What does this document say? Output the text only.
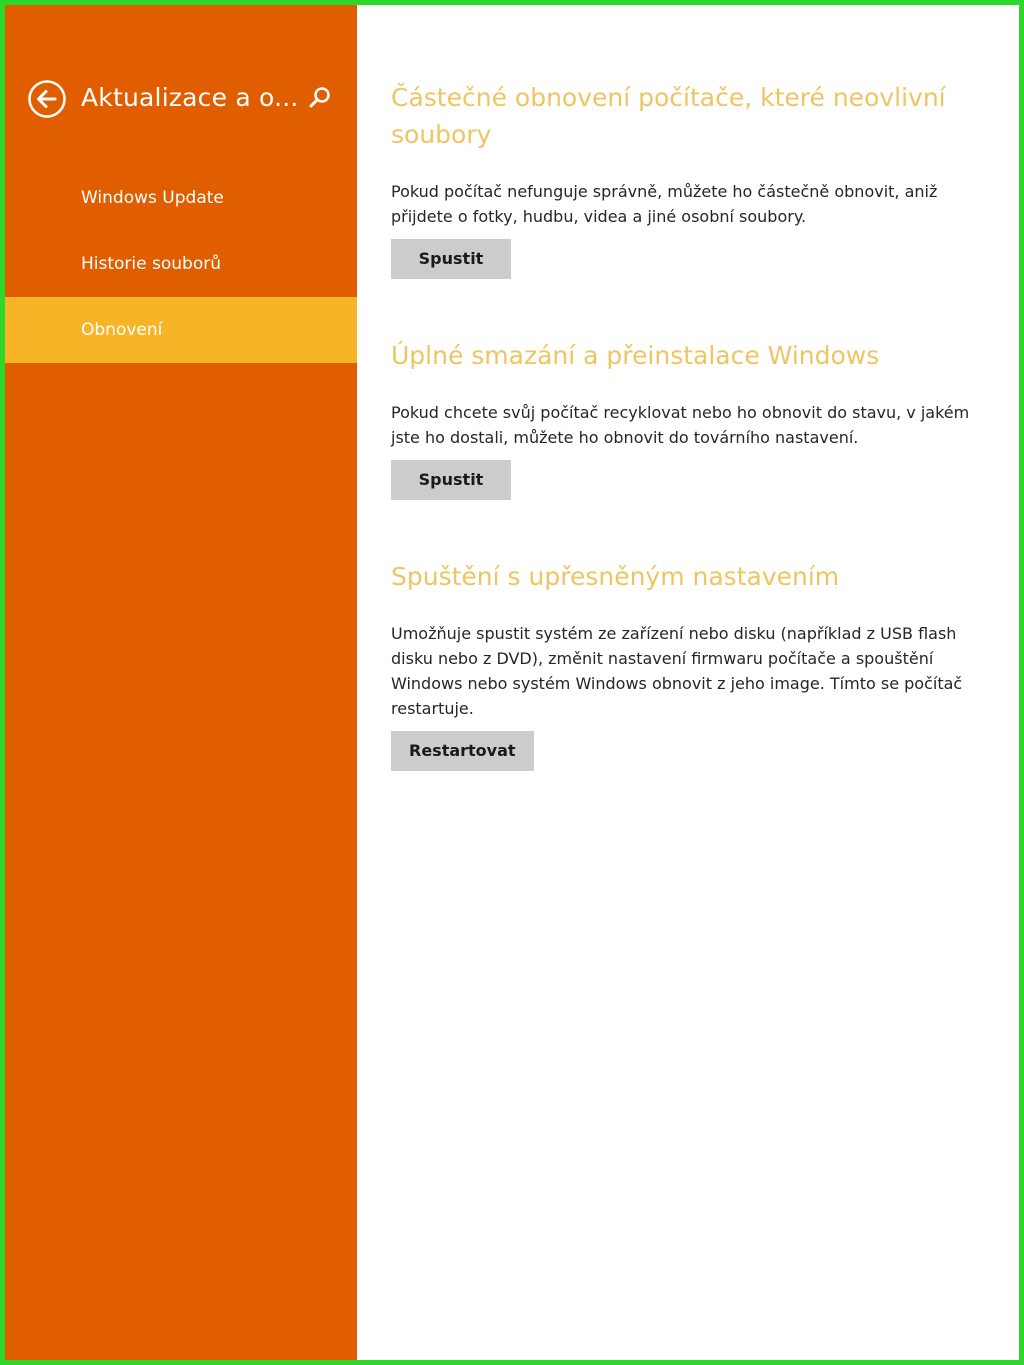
Aktualizace a o...
Windows Update
Historie souborů
Obnovení
Částečné obnovení počítače, které neovlivní soubory

Pokud počítač nefunguje správně, můžete ho částečně obnovit, aniž přijdete o fotky, hudbu, videa a jiné osobní soubory.

Spustit
Úplné smazání a přeinstalace Windows

Pokud chcete svůj počítač recyklovat nebo ho obnovit do stavu, v jakém jste ho dostali, můžete ho obnovit do továrního nastavení.

Spustit
Spuštění s upřesněným nastavením

Umožňuje spustit systém ze zařízení nebo disku (například z USB flash disku nebo z DVD), změnit nastavení firmwaru počítače a spouštění Windows nebo systém Windows obnovit z jeho image. Tímto se počítač restartuje.

Restartovat
